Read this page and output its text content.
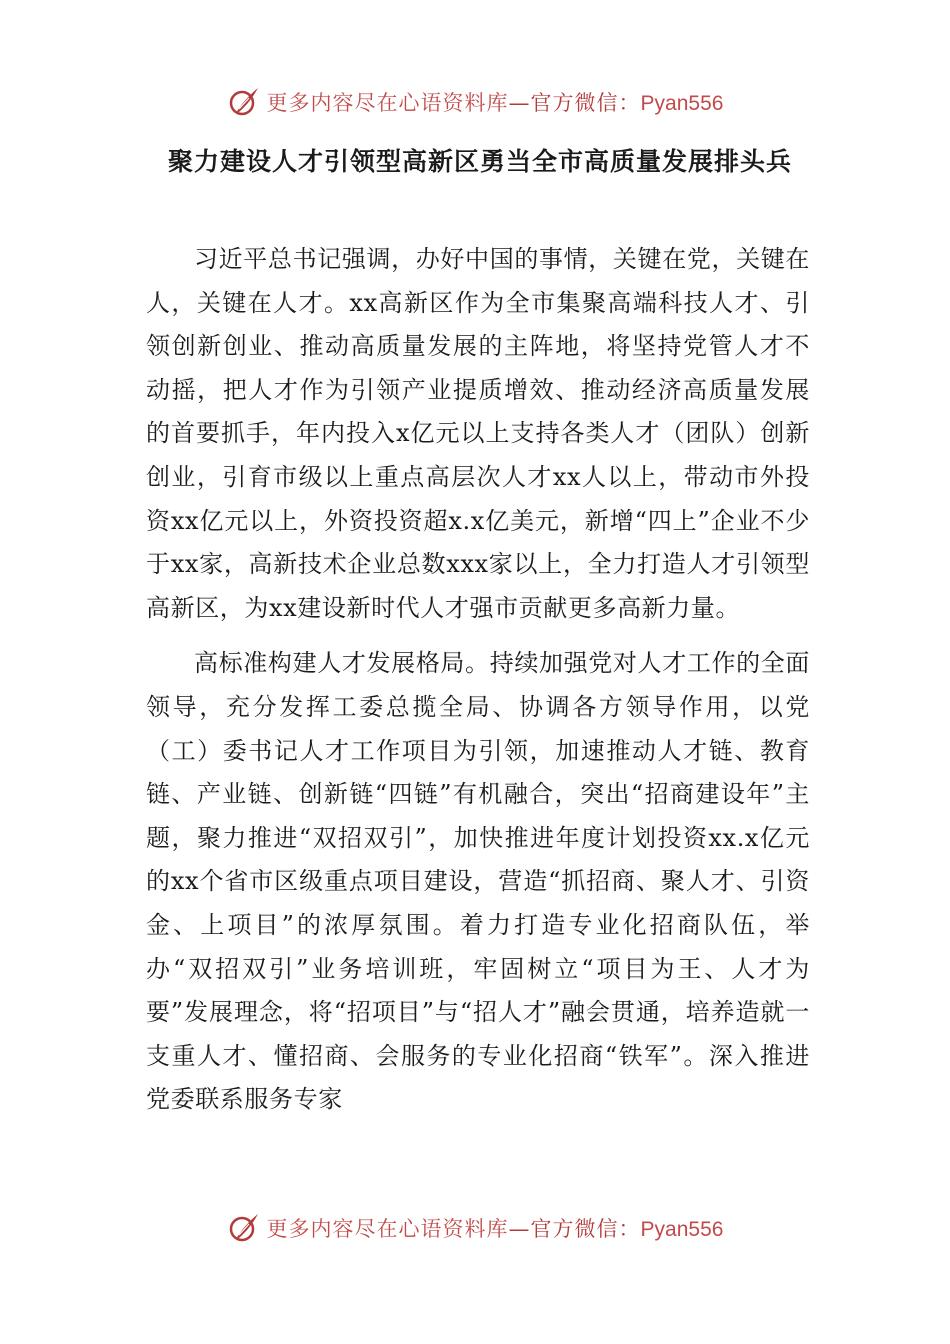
更多内容尽在心语资料库—官方微信：Pyan556
聚力建设人才引领型高新区勇当全市高质量发展排头兵

习近平总书记强调，办好中国的事情，关键在党，关键在人，关键在人才。xx高新区作为全市集聚高端科技人才、引领创新创业、推动高质量发展的主阵地，将坚持党管人才不动摇，把人才作为引领产业提质增效、推动经济高质量发展的首要抓手，年内投入x亿元以上支持各类人才（团队）创新创业，引育市级以上重点高层次人才xx人以上，带动市外投资xx亿元以上，外资投资超x.x亿美元，新增“四上”企业不少于xx家，高新技术企业总数xxx家以上，全力打造人才引领型高新区，为xx建设新时代人才强市贡献更多高新力量。

高标准构建人才发展格局。持续加强党对人才工作的全面领导，充分发挥工委总揽全局、协调各方领导作用，以党（工）委书记人才工作项目为引领，加速推动人才链、教育链、产业链、创新链“四链”有机融合，突出“招商建设年”主题，聚力推进“双招双引”，加快推进年度计划投资xx.x亿元的xx个省市区级重点项目建设，营造“抓招商、聚人才、引资金、上项目”的浓厚氛围。着力打造专业化招商队伍，举办“双招双引”业务培训班，牢固树立“项目为王、人才为要”发展理念，将“招项目”与“招人才”融会贯通，培养造就一支重人才、懂招商、会服务的专业化招商“铁军”。深入推进党委联系服务专家

更多内容尽在心语资料库—官方微信：Pyan556
